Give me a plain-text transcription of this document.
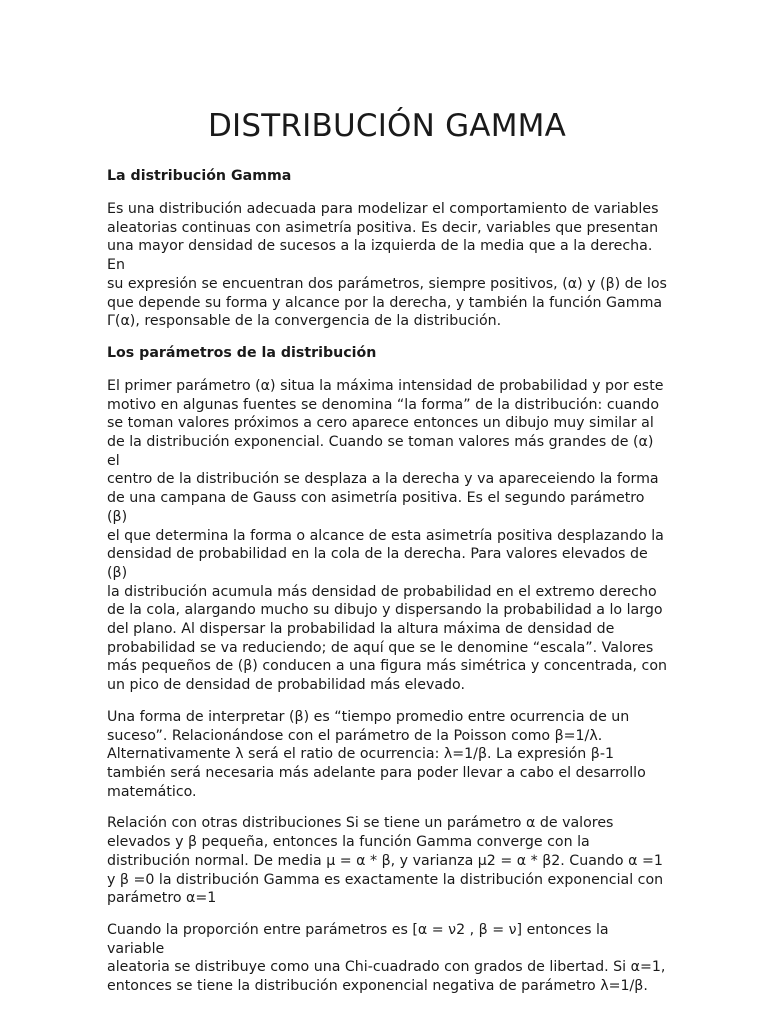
DISTRIBUCIÓN GAMMA
La distribución Gamma

Es una distribución adecuada para modelizar el comportamiento de variables
aleatorias continuas con asimetría positiva. Es decir, variables que presentan
una mayor densidad de sucesos a la izquierda de la media que a la derecha. En
su expresión se encuentran dos parámetros, siempre positivos, (α) y (β) de los
que depende su forma y alcance por la derecha, y también la función Gamma
Γ(α), responsable de la convergencia de la distribución.

Los parámetros de la distribución

El primer parámetro (α) situa la máxima intensidad de probabilidad y por este
motivo en algunas fuentes se denomina “la forma” de la distribución: cuando
se toman valores próximos a cero aparece entonces un dibujo muy similar al
de la distribución exponencial. Cuando se toman valores más grandes de (α) el
centro de la distribución se desplaza a la derecha y va apareceiendo la forma
de una campana de Gauss con asimetría positiva. Es el segundo parámetro (β)
el que determina la forma o alcance de esta asimetría positiva desplazando la
densidad de probabilidad en la cola de la derecha. Para valores elevados de (β)
la distribución acumula más densidad de probabilidad en el extremo derecho
de la cola, alargando mucho su dibujo y dispersando la probabilidad a lo largo
del plano. Al dispersar la probabilidad la altura máxima de densidad de
probabilidad se va reduciendo; de aquí que se le denomine “escala”. Valores
más pequeños de (β) conducen a una figura más simétrica y concentrada, con
un pico de densidad de probabilidad más elevado.

Una forma de interpretar (β) es “tiempo promedio entre ocurrencia de un
suceso”. Relacionándose con el parámetro de la Poisson como β=1/λ.
Alternativamente λ será el ratio de ocurrencia: λ=1/β. La expresión β-1
también será necesaria más adelante para poder llevar a cabo el desarrollo
matemático.

Relación con otras distribuciones Si se tiene un parámetro α de valores
elevados y β pequeña, entonces la función Gamma converge con la
distribución normal. De media μ = α * β, y varianza μ2 = α * β2. Cuando α =1
y β =0 la distribución Gamma es exactamente la distribución exponencial con
parámetro α=1

Cuando la proporción entre parámetros es [α = ν2 , β = ν] entonces la variable
aleatoria se distribuye como una Chi-cuadrado con grados de libertad. Si α=1,
entonces se tiene la distribución exponencial negativa de parámetro λ=1/β.
